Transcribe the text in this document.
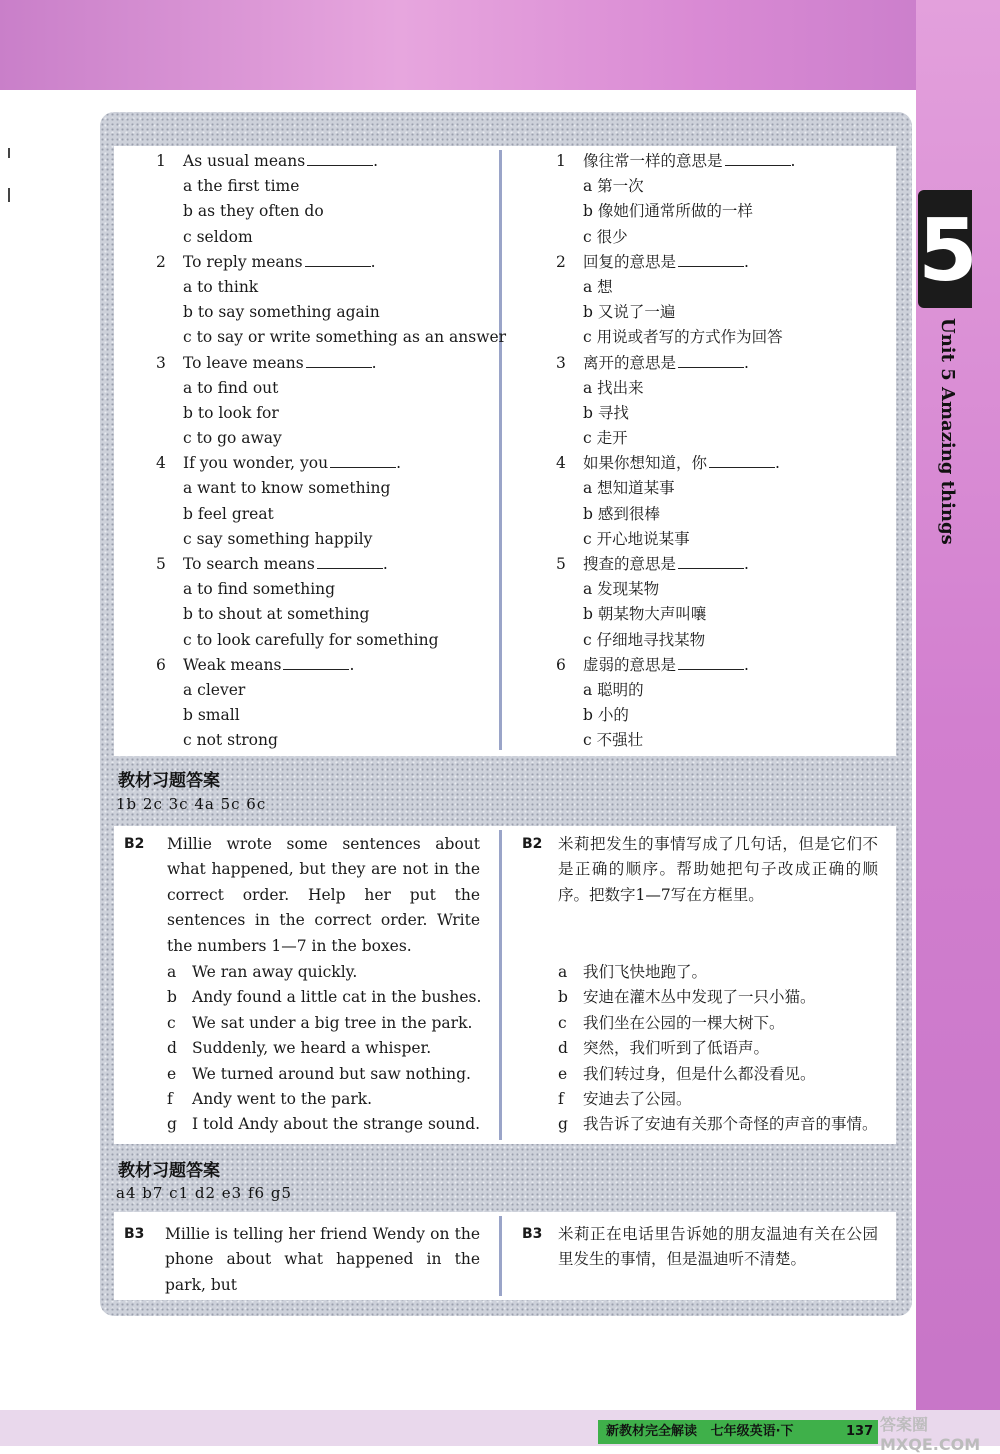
5
Unit 5 Amazing things
1 As usual means	.
a the first time
b as they often do
c seldom
2 To reply means	.
a to think
b to say something again
c to say or write something as an answer
3 To leave means	.
a to find out
b to look for
c to go away
4 If you wonder, you	.
a want to know something
b feel great
c say something happily
5 To search means	.
a to find something
b to shout at something
c to look carefully for something
6 Weak means	.
a clever
b small
c not strong
1 像往常一样的意思是	.
a 第一次
b 像她们通常所做的一样
c 很少
2 回复的意思是	.
a 想
b 又说了一遍
c 用说或者写的方式作为回答
3 离开的意思是	.
a 找出来
b 寻找
c 走开
4 如果你想知道，你	.
a 想知道某事
b 感到很棒
c 开心地说某事
5 搜查的意思是	.
a 发现某物
b 朝某物大声叫嚷
c 仔细地寻找某物
6 虚弱的意思是	.
a 聪明的
b 小的
c 不强壮
教材习题答案
1b 2c 3c 4a 5c 6c
B2 Millie wrote some sentences about what happened, but they are not in the correct order. Help her put the sentences in the correct order. Write the numbers 1—7 in the boxes.
B2 米莉把发生的事情写成了几句话，但是它们不是正确的顺序。帮助她把句子改成正确的顺序。把数字1—7写在方框里。
a We ran away quickly.
b Andy found a little cat in the bushes.
c We sat under a big tree in the park.
d Suddenly, we heard a whisper.
e We turned around but saw nothing.
f Andy went to the park.
g I told Andy about the strange sound.
a 我们飞快地跑了。
b 安迪在灌木丛中发现了一只小猫。
c 我们坐在公园的一棵大树下。
d 突然，我们听到了低语声。
e 我们转过身，但是什么都没看见。
f 安迪去了公园。
g 我告诉了安迪有关那个奇怪的声音的事情。
教材习题答案
a4 b7 c1 d2 e3 f6 g5
B3 Millie is telling her friend Wendy on the phone about what happened in the park, but
B3 米莉正在电话里告诉她的朋友温迪有关在公园里发生的事情，但是温迪听不清楚。
新教材完全解读 七年级英语·下	137 答案圈 MXQE.COM
